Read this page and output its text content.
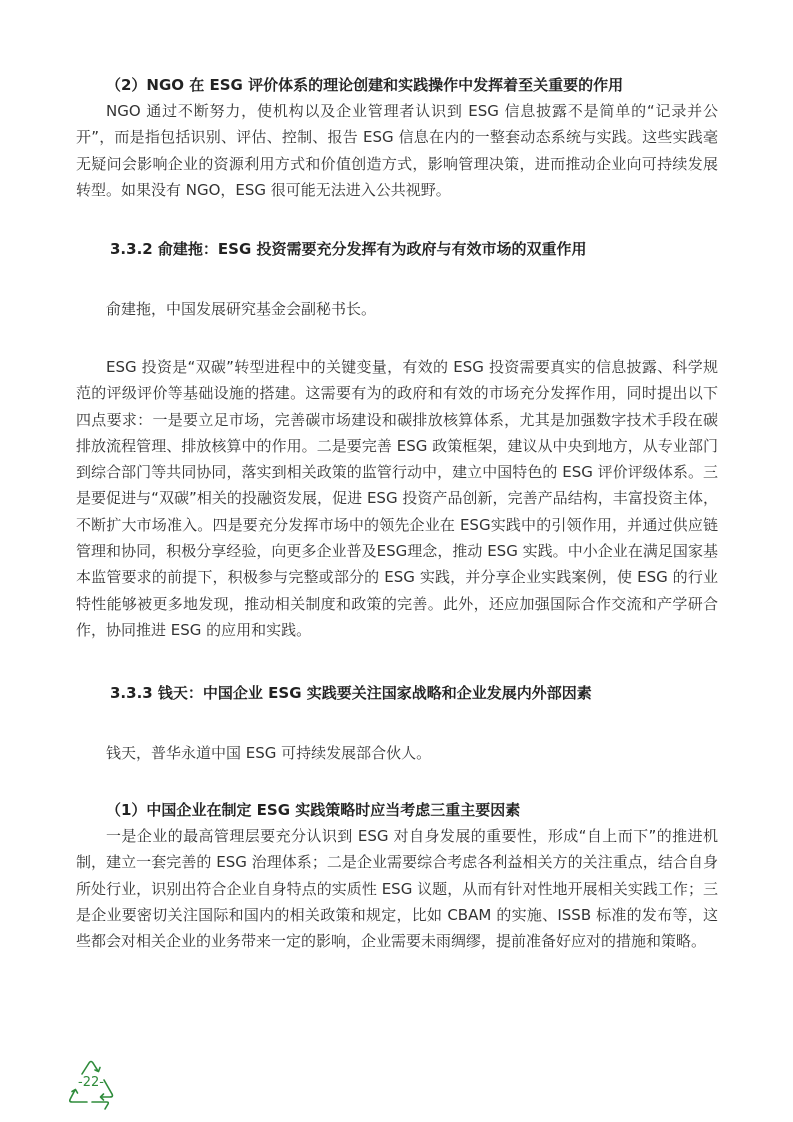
（2）NGO 在 ESG 评价体系的理论创建和实践操作中发挥着至关重要的作用

NGO 通过不断努力，使机构以及企业管理者认识到 ESG 信息披露不是简单的“记录并公开”，而是指包括识别、评估、控制、报告 ESG 信息在内的一整套动态系统与实践。这些实践毫无疑问会影响企业的资源利用方式和价值创造方式，影响管理决策，进而推动企业向可持续发展转型。如果没有 NGO，ESG 很可能无法进入公共视野。

3.3.2 俞建拖：ESG 投资需要充分发挥有为政府与有效市场的双重作用

俞建拖，中国发展研究基金会副秘书长。

ESG 投资是“双碳”转型进程中的关键变量，有效的 ESG 投资需要真实的信息披露、科学规范的评级评价等基础设施的搭建。这需要有为的政府和有效的市场充分发挥作用，同时提出以下四点要求：一是要立足市场，完善碳市场建设和碳排放核算体系，尤其是加强数字技术手段在碳排放流程管理、排放核算中的作用。二是要完善 ESG 政策框架，建议从中央到地方，从专业部门到综合部门等共同协同，落实到相关政策的监管行动中，建立中国特色的 ESG 评价评级体系。三是要促进与“双碳”相关的投融资发展，促进 ESG 投资产品创新，完善产品结构，丰富投资主体，不断扩大市场准入。四是要充分发挥市场中的领先企业在 ESG实践中的引领作用，并通过供应链管理和协同，积极分享经验，向更多企业普及ESG理念，推动 ESG 实践。中小企业在满足国家基本监管要求的前提下，积极参与完整或部分的 ESG 实践，并分享企业实践案例，使 ESG 的行业特性能够被更多地发现，推动相关制度和政策的完善。此外，还应加强国际合作交流和产学研合作，协同推进 ESG 的应用和实践。

3.3.3 钱天：中国企业 ESG 实践要关注国家战略和企业发展内外部因素

钱天，普华永道中国 ESG 可持续发展部合伙人。

（1）中国企业在制定 ESG 实践策略时应当考虑三重主要因素

一是企业的最高管理层要充分认识到 ESG 对自身发展的重要性，形成“自上而下”的推进机制，建立一套完善的 ESG 治理体系；二是企业需要综合考虑各利益相关方的关注重点，结合自身所处行业，识别出符合企业自身特点的实质性 ESG 议题，从而有针对性地开展相关实践工作；三是企业要密切关注国际和国内的相关政策和规定，比如 CBAM 的实施、ISSB 标准的发布等，这些都会对相关企业的业务带来一定的影响，企业需要未雨绸缪，提前准备好应对的措施和策略。

-22-
